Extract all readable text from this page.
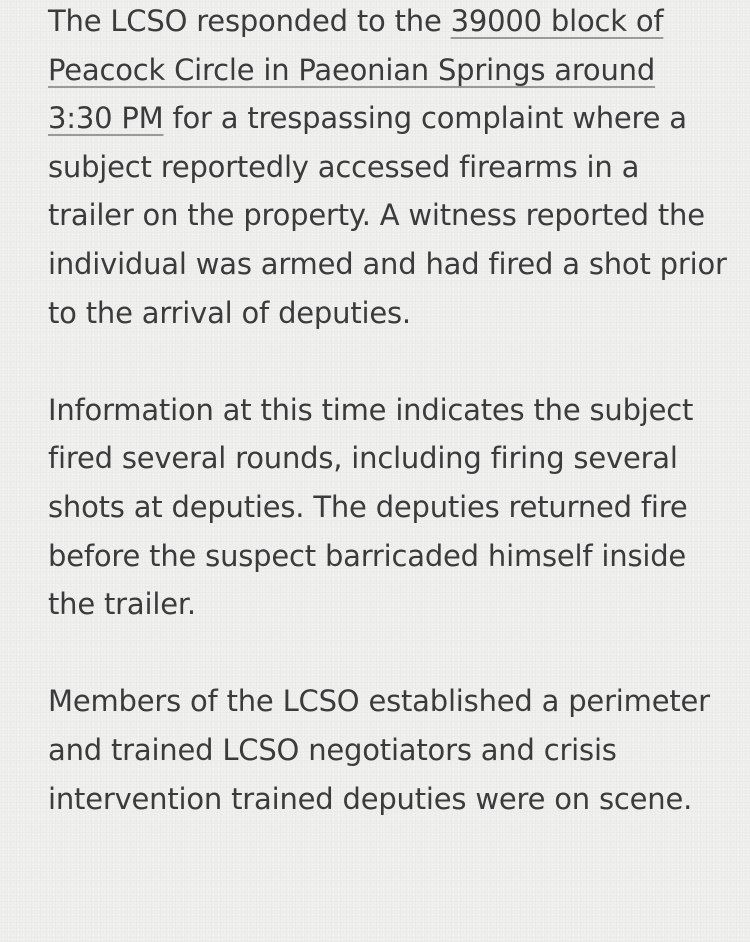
The LCSO responded to the 39000 block of Peacock Circle in Paeonian Springs around 3:30 PM for a trespassing complaint where a subject reportedly accessed firearms in a trailer on the property. A witness reported the individual was armed and had fired a shot prior to the arrival of deputies.

Information at this time indicates the subject fired several rounds, including firing several shots at deputies. The deputies returned fire before the suspect barricaded himself inside the trailer.

Members of the LCSO established a perimeter and trained LCSO negotiators and crisis intervention trained deputies were on scene.
